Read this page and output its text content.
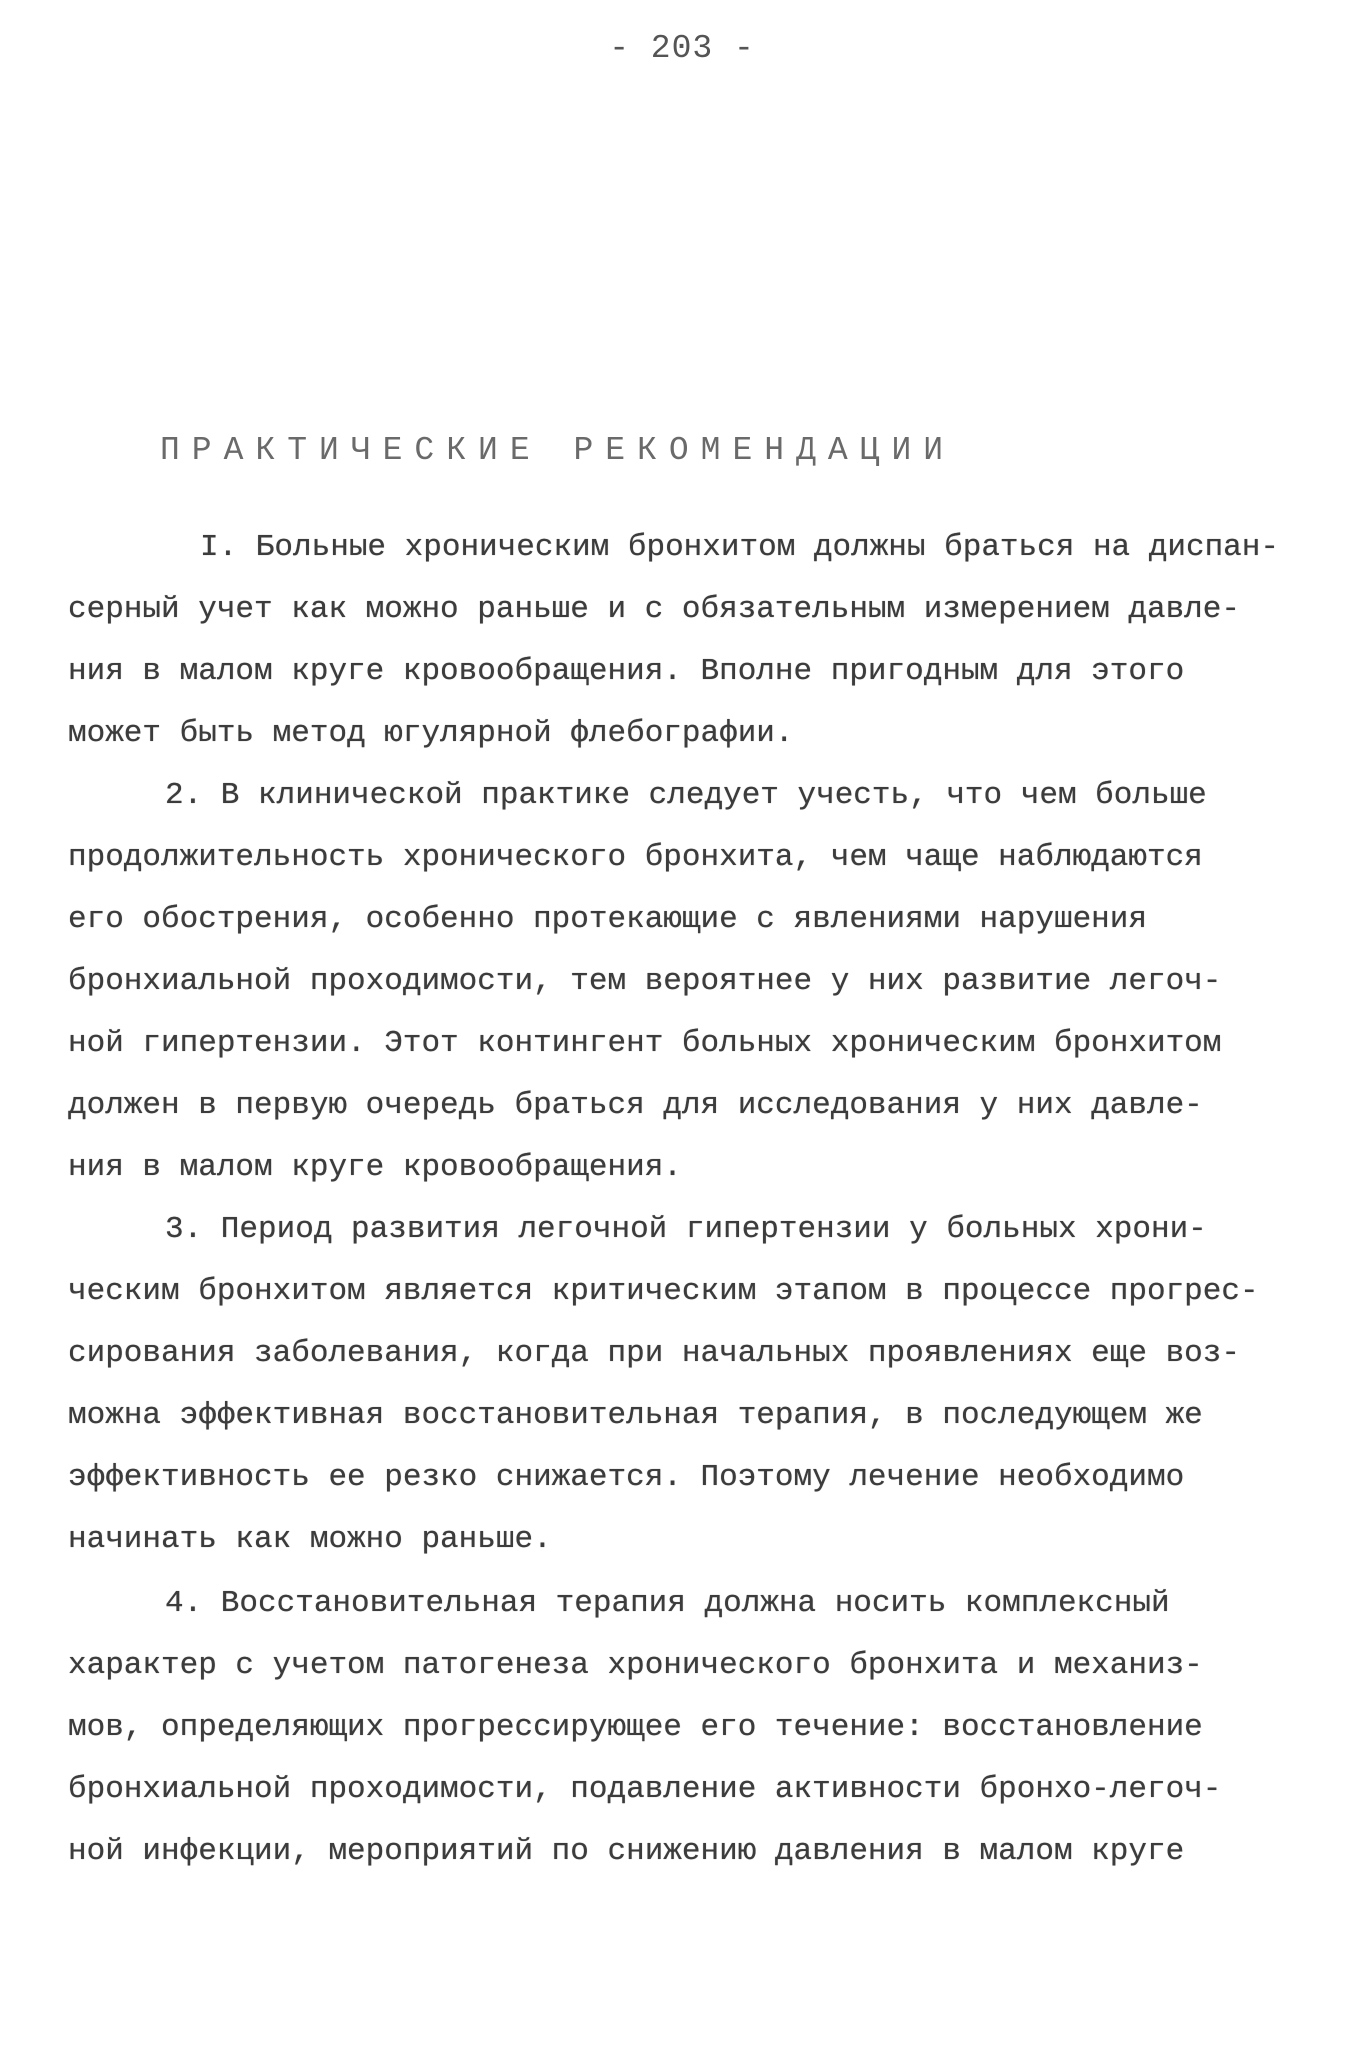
- 203 -
ПРАКТИЧЕСКИЕ РЕКОМЕНДАЦИИ
I. Больные хроническим бронхитом должны браться на диспан-
серный учет как можно раньше и с обязательным измерением давле-
ния в малом круге кровообращения. Вполне пригодным для этого
может быть метод югулярной флебографии.
2. В клинической практике следует учесть, что чем больше
продолжительность хронического бронхита, чем чаще наблюдаются
его обострения, особенно протекающие с явлениями нарушения
бронхиальной проходимости, тем вероятнее у них развитие легоч-
ной гипертензии. Этот контингент больных хроническим бронхитом
должен в первую очередь браться для исследования у них давле-
ния в малом круге кровообращения.
3. Период развития легочной гипертензии у больных хрони-
ческим бронхитом является критическим этапом в процессе прогрес-
сирования заболевания, когда при начальных проявлениях еще воз-
можна эффективная восстановительная терапия, в последующем же
эффективность ее резко снижается. Поэтому лечение необходимо
начинать как можно раньше.
4. Восстановительная терапия должна носить комплексный
характер с учетом патогенеза хронического бронхита и механиз-
мов, определяющих прогрессирующее его течение: восстановление
бронхиальной проходимости, подавление активности бронхо-легоч-
ной инфекции, мероприятий по снижению давления в малом круге
